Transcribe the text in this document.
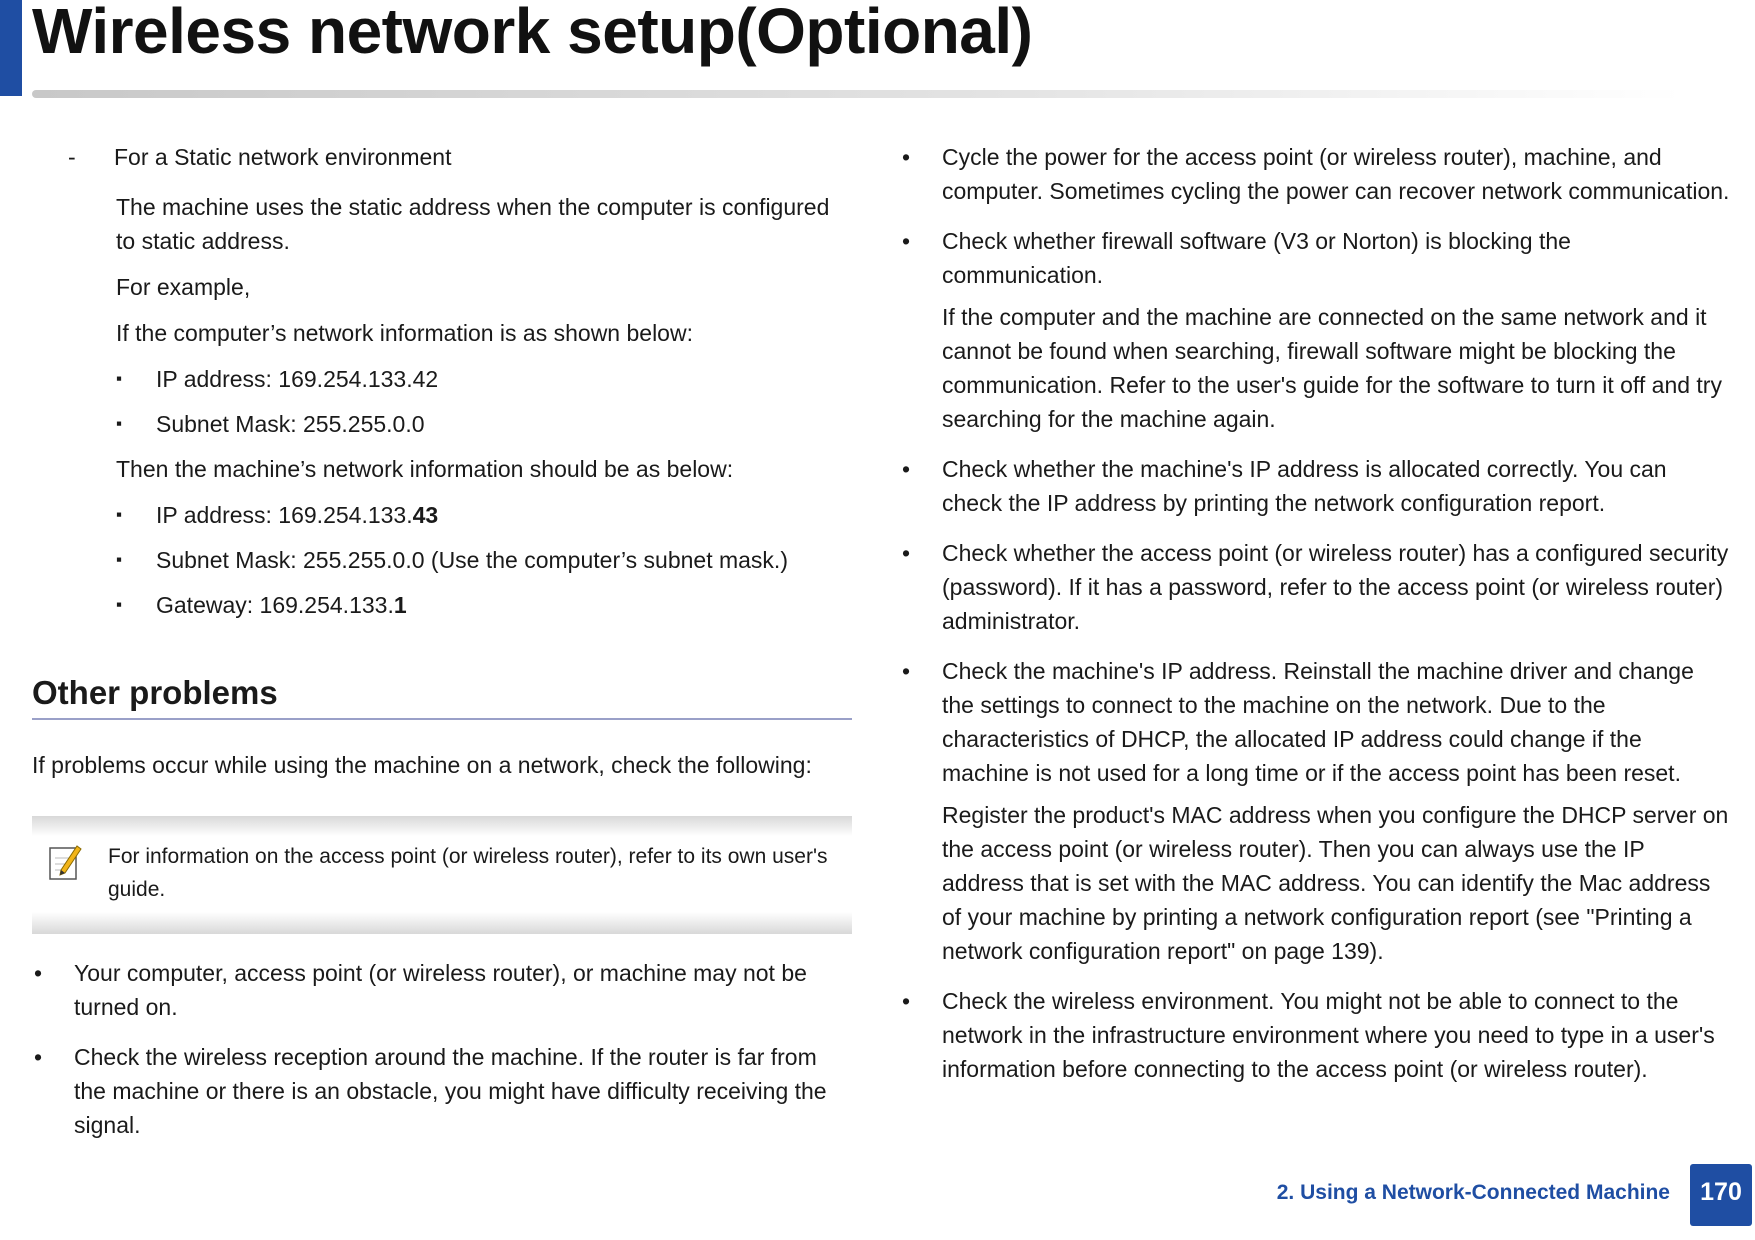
Wireless network setup(Optional)
- For a Static network environment

The machine uses the static address when the computer is configured to static address.

For example,

If the computer’s network information is as shown below:

▪ IP address: 169.254.133.42
▪ Subnet Mask: 255.255.0.0

Then the machine’s network information should be as below:

▪ IP address: 169.254.133.43
▪ Subnet Mask: 255.255.0.0 (Use the computer’s subnet mask.)
▪ Gateway: 169.254.133.1
Other problems

If problems occur while using the machine on a network, check the following:

For information on the access point (or wireless router), refer to its own user's guide.

• Your computer, access point (or wireless router), or machine may not be turned on.
• Check the wireless reception around the machine. If the router is far from the machine or there is an obstacle, you might have difficulty receiving the signal.
• Cycle the power for the access point (or wireless router), machine, and computer. Sometimes cycling the power can recover network communication.
• Check whether firewall software (V3 or Norton) is blocking the communication.

If the computer and the machine are connected on the same network and it cannot be found when searching, firewall software might be blocking the communication. Refer to the user's guide for the software to turn it off and try searching for the machine again.

• Check whether the machine's IP address is allocated correctly. You can check the IP address by printing the network configuration report.
• Check whether the access point (or wireless router) has a configured security (password). If it has a password, refer to the access point (or wireless router) administrator.
• Check the machine's IP address. Reinstall the machine driver and change the settings to connect to the machine on the network. Due to the characteristics of DHCP, the allocated IP address could change if the machine is not used for a long time or if the access point has been reset.

Register the product's MAC address when you configure the DHCP server on the access point (or wireless router). Then you can always use the IP address that is set with the MAC address. You can identify the Mac address of your machine by printing a network configuration report (see "Printing a network configuration report" on page 139).

• Check the wireless environment. You might not be able to connect to the network in the infrastructure environment where you need to type in a user's information before connecting to the access point (or wireless router).
2. Using a Network-Connected Machine	170
